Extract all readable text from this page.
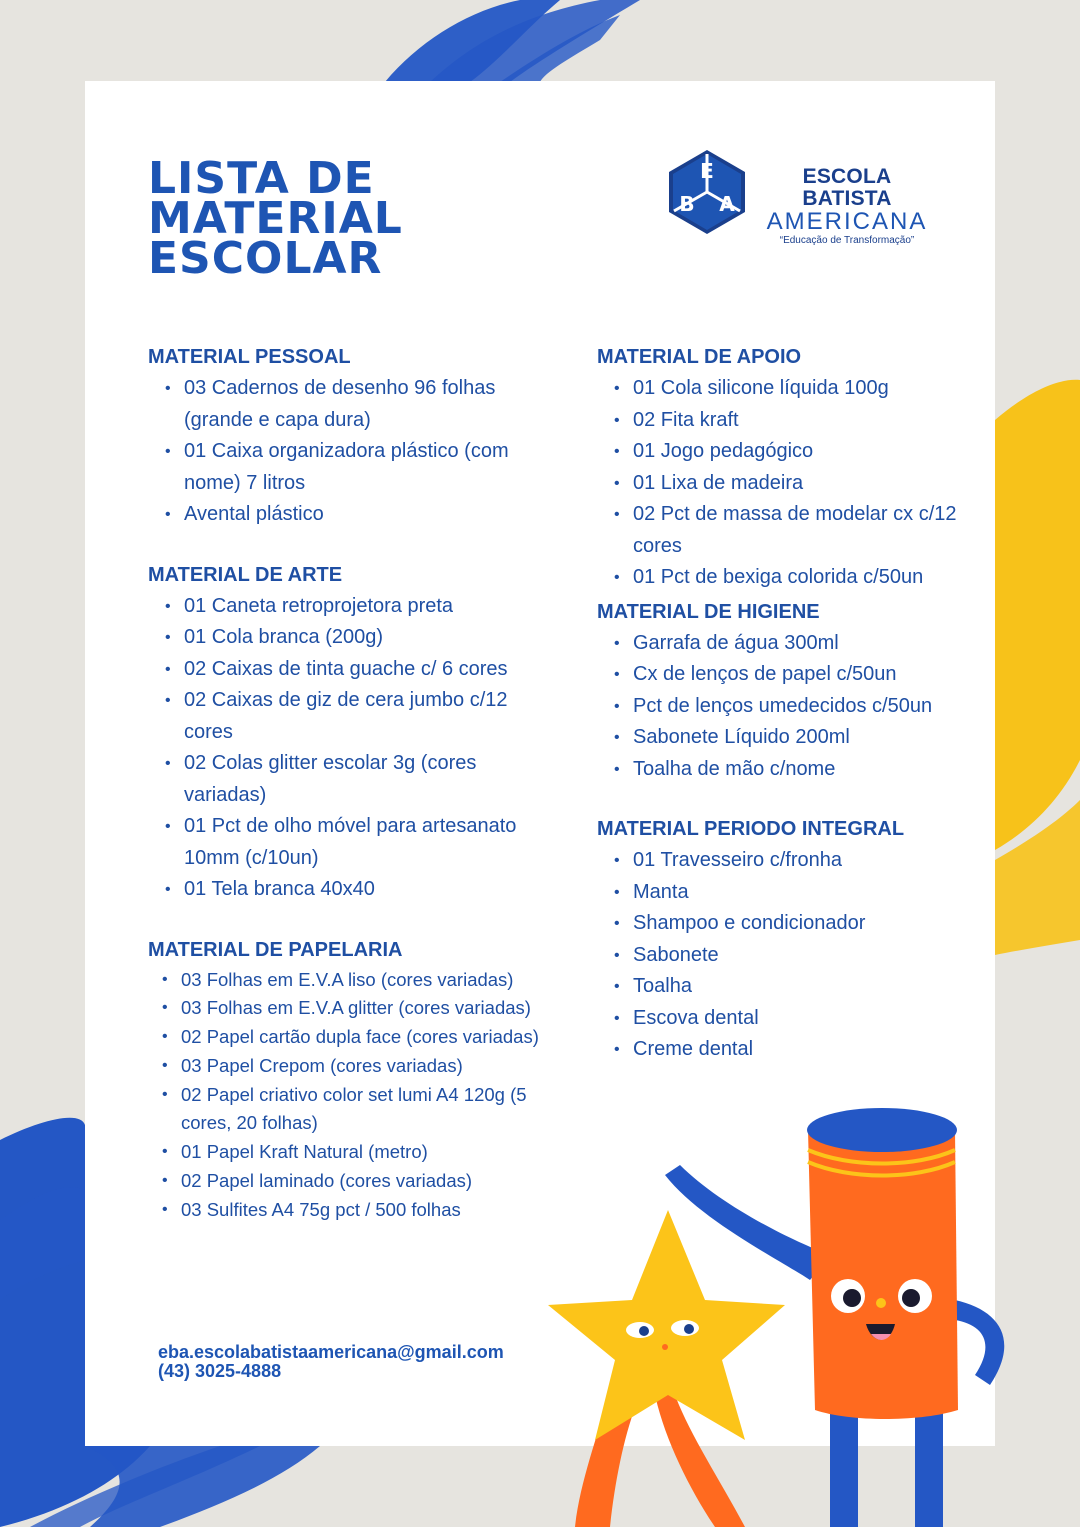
LISTA DE
MATERIAL
ESCOLAR
E
B A
ESCOLA BATISTA
AMERICANA
“Educação de Transformação”
MATERIAL PESSOAL
• 03 Cadernos de desenho 96 folhas (grande e capa dura)
• 01 Caixa organizadora plástico (com nome) 7 litros
• Avental plástico
MATERIAL DE ARTE
• 01 Caneta retroprojetora preta
• 01 Cola branca (200g)
• 02 Caixas de tinta guache c/ 6 cores
• 02 Caixas de giz de cera jumbo c/12 cores
• 02 Colas glitter escolar 3g (cores variadas)
• 01 Pct de olho móvel para artesanato 10mm (c/10un)
• 01 Tela branca 40x40
MATERIAL DE PAPELARIA
• 03 Folhas em E.V.A liso (cores variadas)
• 03 Folhas em E.V.A glitter (cores variadas)
• 02 Papel cartão dupla face (cores variadas)
• 03 Papel Crepom (cores variadas)
• 02 Papel criativo color set lumi A4 120g (5 cores, 20 folhas)
• 01 Papel Kraft Natural (metro)
• 02 Papel laminado (cores variadas)
• 03 Sulfites A4 75g pct / 500 folhas
MATERIAL DE APOIO
• 01 Cola silicone líquida 100g
• 02 Fita kraft
• 01 Jogo pedagógico
• 01 Lixa de madeira
• 02 Pct de massa de modelar cx c/12 cores
• 01 Pct de bexiga colorida c/50un
MATERIAL DE HIGIENE
• Garrafa de água 300ml
• Cx de lenços de papel c/50un
• Pct de lenços umedecidos c/50un
• Sabonete Líquido 200ml
• Toalha de mão c/nome
MATERIAL PERIODO INTEGRAL
• 01 Travesseiro c/fronha
• Manta
• Shampoo e condicionador
• Sabonete
• Toalha
• Escova dental
• Creme dental
eba.escolabatistaamericana@gmail.com
(43) 3025-4888
